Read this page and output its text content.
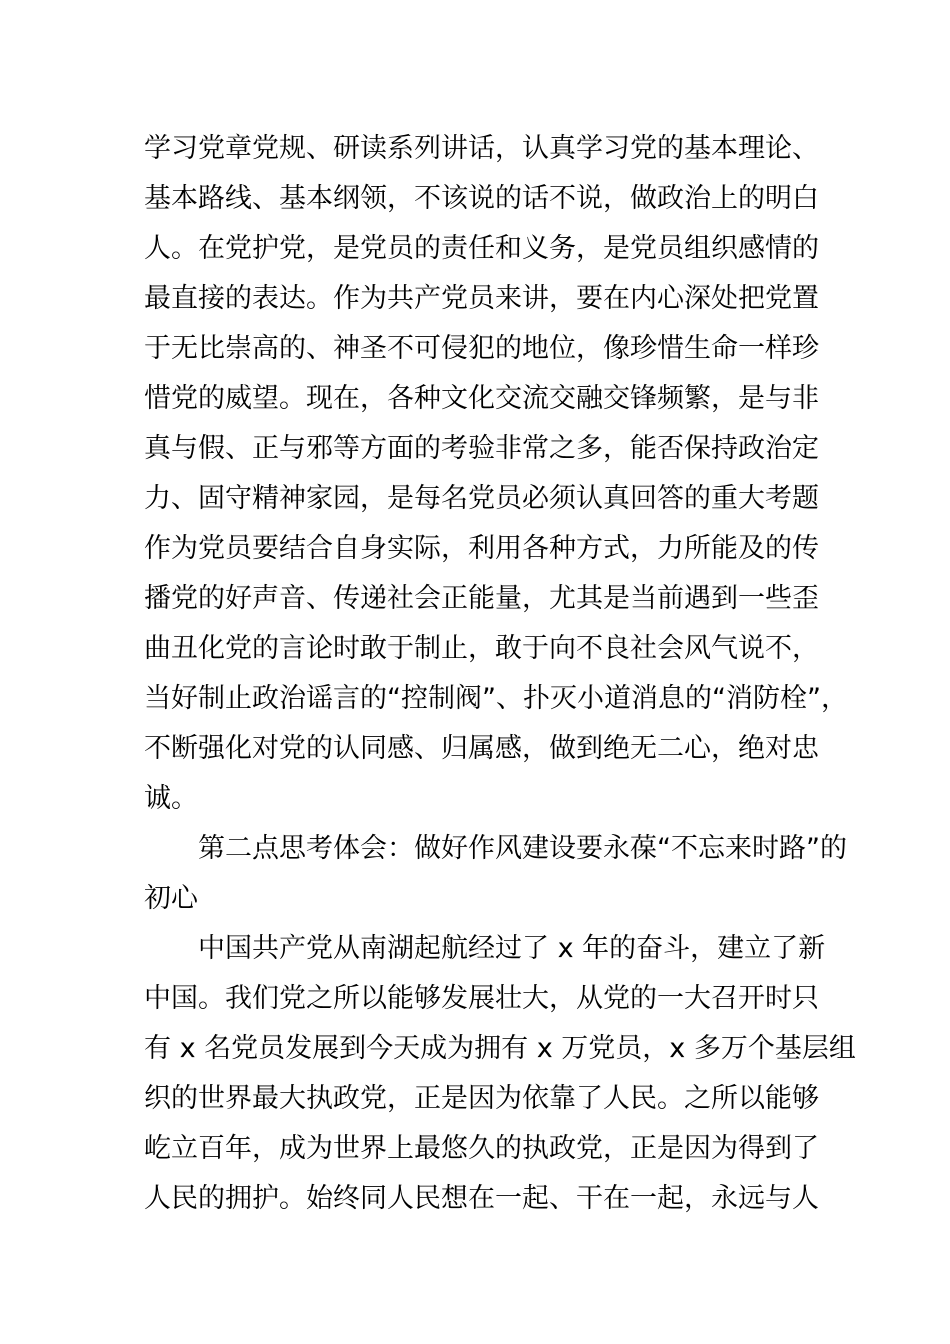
学习党章党规、研读系列讲话，认真学习党的基本理论、
基本路线、基本纲领，不该说的话不说，做政治上的明白
人。在党护党，是党员的责任和义务，是党员组织感情的
最直接的表达。作为共产党员来讲，要在内心深处把党置
于无比崇高的、神圣不可侵犯的地位，像珍惜生命一样珍
惜党的威望。现在，各种文化交流交融交锋频繁，是与非
真与假、正与邪等方面的考验非常之多，能否保持政治定
力、固守精神家园，是每名党员必须认真回答的重大考题
作为党员要结合自身实际，利用各种方式，力所能及的传
播党的好声音、传递社会正能量，尤其是当前遇到一些歪
曲丑化党的言论时敢于制止，敢于向不良社会风气说不，
当好制止政治谣言的“控制阀”、扑灭小道消息的“消防栓”，
不断强化对党的认同感、归属感，做到绝无二心，绝对忠
诚。
第二点思考体会：做好作风建设要永葆“不忘来时路”的
初心
中国共产党从南湖起航经过了 x 年的奋斗，建立了新
中国。我们党之所以能够发展壮大，从党的一大召开时只
有 x 名党员发展到今天成为拥有 x 万党员，x 多万个基层组
织的世界最大执政党，正是因为依靠了人民。之所以能够
屹立百年，成为世界上最悠久的执政党，正是因为得到了
人民的拥护。始终同人民想在一起、干在一起，永远与人
